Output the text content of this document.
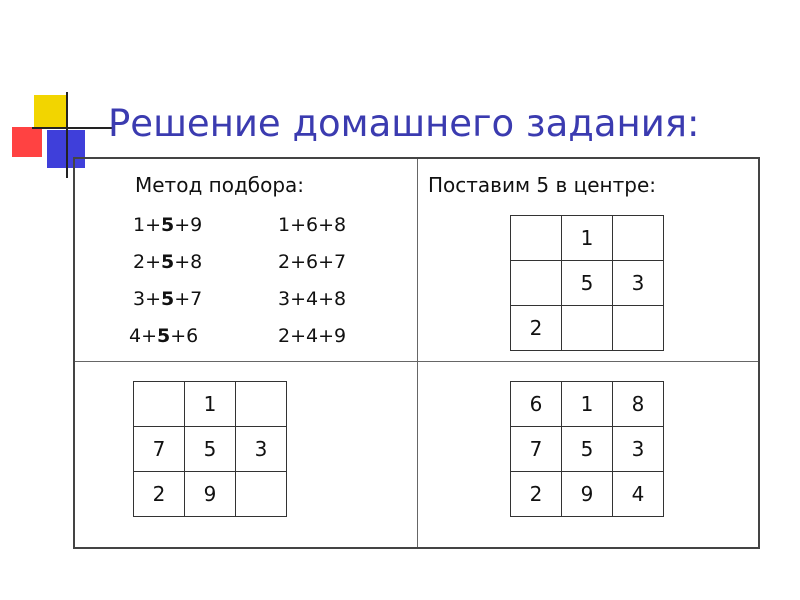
Решение домашнего задания:
Метод подбора:
1+5+9	1+6+8
2+5+8	2+6+7
3+5+7	3+4+8
4+5+6	2+4+9
Поставим 5 в центре:
	1	
	5	3
2		
	1	
7	5	3
2	9	
6	1	8
7	5	3
2	9	4
